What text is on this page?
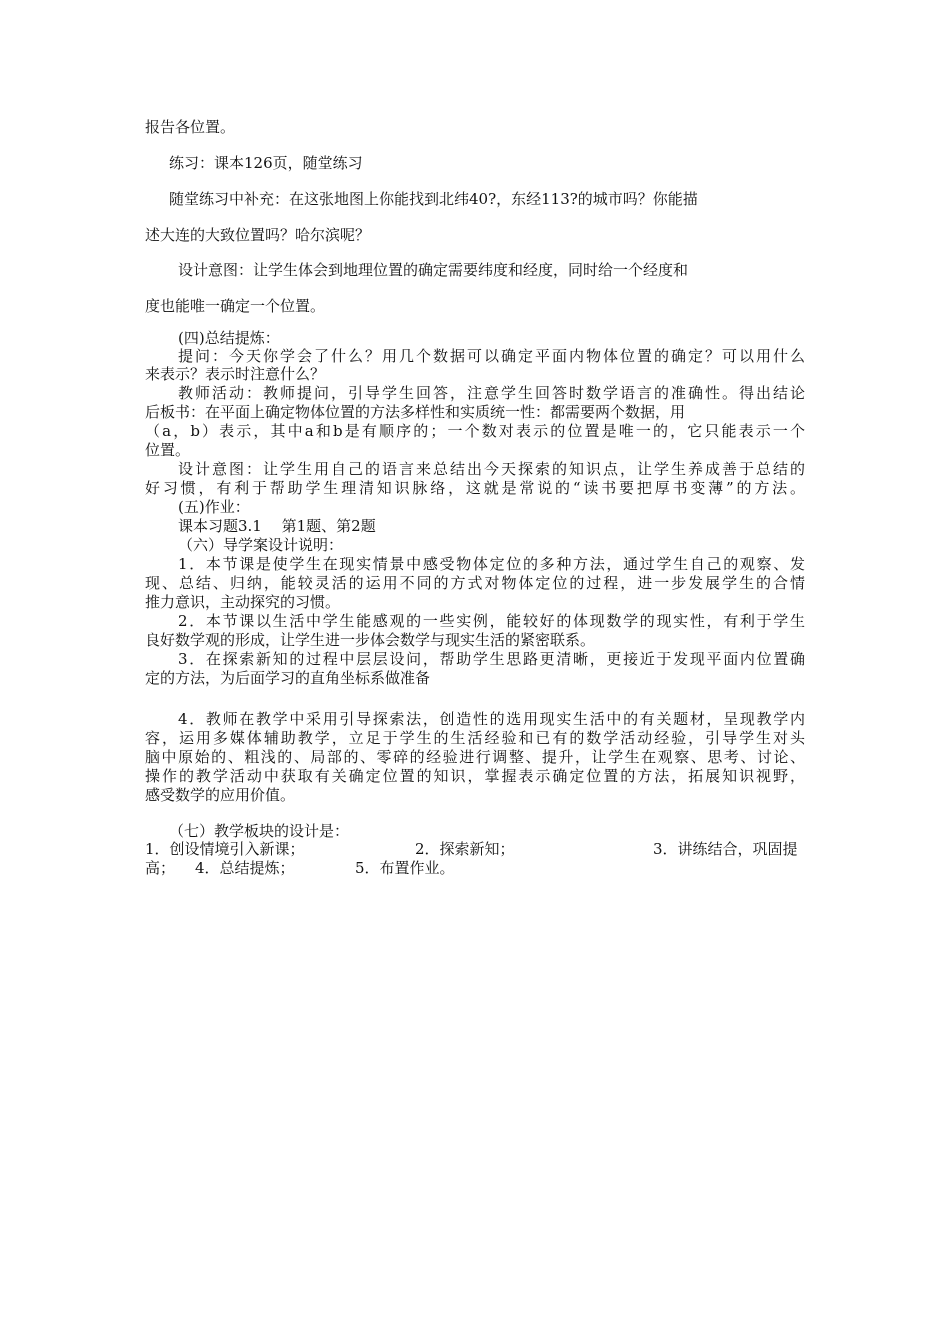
报告各位置。
练习：课本126页，随堂练习
随堂练习中补充：在这张地图上你能找到北纬40?，东经113?的城市吗？你能描
述大连的大致位置吗？哈尔滨呢？
设计意图：让学生体会到地理位置的确定需要纬度和经度，同时给一个经度和
度也能唯一确定一个位置。
(四)总结提炼：
提问：今天你学会了什么？用几个数据可以确定平面内物体位置的确定？可以用什么
来表示？表示时注意什么？
教师活动：教师提问，引导学生回答，注意学生回答时数学语言的准确性。得出结论
后板书：在平面上确定物体位置的方法多样性和实质统一性：都需要两个数据，用
（a，b）表示，其中a和b是有顺序的；一个数对表示的位置是唯一的，它只能表示一个
位置。
设计意图：让学生用自己的语言来总结出今天探索的知识点，让学生养成善于总结的
好习惯，有利于帮助学生理清知识脉络，这就是常说的“读书要把厚书变薄”的方法。
(五)作业：
课本习题3.1　 第1题、第2题
（六）导学案设计说明：
1．本节课是使学生在现实情景中感受物体定位的多种方法，通过学生自己的观察、发
现、总结、归纳，能较灵活的运用不同的方式对物体定位的过程，进一步发展学生的合情
推力意识，主动探究的习惯。
2．本节课以生活中学生能感观的一些实例，能较好的体现数学的现实性，有利于学生
良好数学观的形成，让学生进一步体会数学与现实生活的紧密联系。
3．在探索新知的过程中层层设问，帮助学生思路更清晰，更接近于发现平面内位置确
定的方法，为后面学习的直角坐标系做准备
4．教师在教学中采用引导探索法，创造性的选用现实生活中的有关题材，呈现教学内
容，运用多媒体辅助教学，立足于学生的生活经验和已有的数学活动经验，引导学生对头
脑中原始的、粗浅的、局部的、零碎的经验进行调整、提升，让学生在观察、思考、讨论、
操作的教学活动中获取有关确定位置的知识，掌握表示确定位置的方法，拓展知识视野，
感受数学的应用价值。
（七）教学板块的设计是：
1．创设情境引入新课；	2．探索新知；	3．讲练结合，巩固提
高； 4．总结提炼；	5．布置作业。
